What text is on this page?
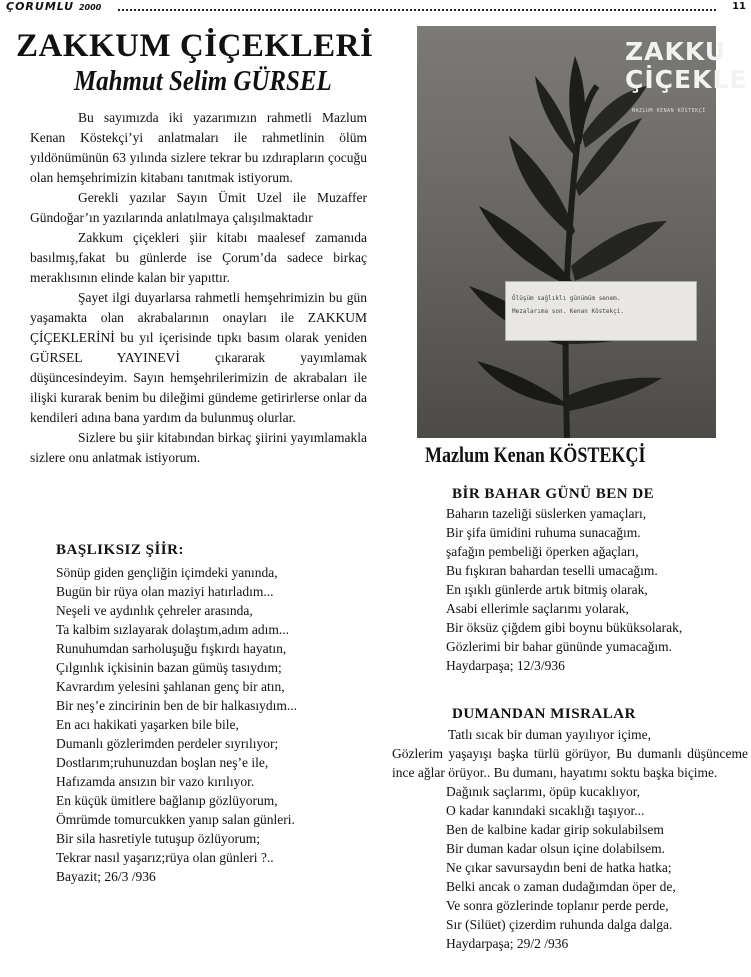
ÇORUMLU 2000	11
ZAKKUM ÇİÇEKLERİ
Mahmut Selim GÜRSEL

Bu sayımızda iki yazarımızın rahmetli Mazlum Kenan Köstekçi’yi anlatmaları ile rahmetlinin ölüm yıldönümünün 63 yılında sizlere tekrar bu ızdırapların çocuğu olan hemşehrimizin kitabanı tanıtmak istiyorum.

Gerekli yazılar Sayın Ümit Uzel ile Muzaffer Gündoğar’ın yazılarında anlatılmaya çalışılmaktadır

Zakkum çiçekleri şiir kitabı maalesef zamanıda basılmış,fakat bu günlerde ise Çorum’da sadece birkaç meraklısının elinde kalan bir yapıttır.

Şayet ilgi duyarlarsa rahmetli hemşehrimizin bu gün yaşamakta olan akrabalarının onayları ile ZAKKUM ÇİÇEKLERİNİ bu yıl içerisinde tıpkı basım olarak yeniden GÜRSEL YAYINEVİ çıkararak yayımlamak düşüncesindeyim. Sayın hemşehrilerimizin de akrabaları ile ilişki kurarak benim bu dileğimi gündeme getirirlerse onlar da kendileri adına bana yardım da bulunmuş olurlar.

Sizlere bu şiir kitabından birkaç şiirini yayımlamakla sizlere onu anlatmak istiyorum.

ZAKKU
ÇİÇEKLE
MAZLUM KENAN KÖSTEKÇİ
Ölüşüm sağlıklı günümüm senem.
Mezalarıma son. Kenan Köstekçi.
Mazlum Kenan KÖSTEKÇİ
BAŞLIKSIZ ŞİİR:
Sönüp giden gençliğin içimdeki yanında,
Bugün bir rüya olan maziyi hatırladım...
Neşeli ve aydınlık çehreler arasında,
Ta kalbim sızlayarak dolaştım,adım adım...
Runuhumdan sarholuşuğu fışkırdı hayatın,
Çılgınlık içkisinin bazan gümüş tasıydım;
Kavrardım yelesini şahlanan genç bir atın,
Bir neş’e zincirinin ben de bir halkasıydım...
En acı hakikati yaşarken bile bile,
Dumanlı gözlerimden perdeler sıyrılıyor;
Dostlarım;ruhunuzdan boşlan neş’e ile,
Hafızamda ansızın bir vazo kırılıyor.
En küçük ümitlere bağlanıp gözlüyorum,
Ömrümde tomurcukken yanıp salan günleri.
Bir sila hasretiyle tutuşup özlüyorum;
Tekrar nasıl yaşarız;rüya olan günleri ?..
Bayazit; 26/3 /936
BİR BAHAR GÜNÜ BEN DE
Baharın tazeliği süslerken yamaçları,
Bir şifa ümidini ruhuma sunacağım.
şafağın pembeliği öperken ağaçları,
Bu fışkıran bahardan teselli umacağım.
En ışıklı günlerde artık bitmiş olarak,
Asabi ellerimle saçlarımı yolarak,
Bir öksüz çiğdem gibi boynu büküksolarak,
Gözlerimi bir bahar gününde yumacağım.
Haydarpaşa; 12/3/936
DUMANDAN MISRALAR
Tatlı sıcak bir duman yayılıyor içime,
Gözlerim yaşayışı başka türlü görüyor, Bu dumanlı düşünceme ince ağlar örüyor.. Bu dumanı, hayatımı soktu başka biçime.
Dağınık saçlarımı, öpüp kucaklıyor,
O kadar kanındaki sıcaklığı taşıyor...
Ben de kalbine kadar girip sokulabilsem
Bir duman kadar olsun içine dolabilsem.
Ne çıkar savursaydın beni de hatka hatka;
Belki ancak o zaman dudağımdan öper de,
Ve sonra gözlerinde toplanır perde perde,
Sır (Silüet) çizerdim ruhunda dalga dalga.
Haydarpaşa; 29/2 /936
